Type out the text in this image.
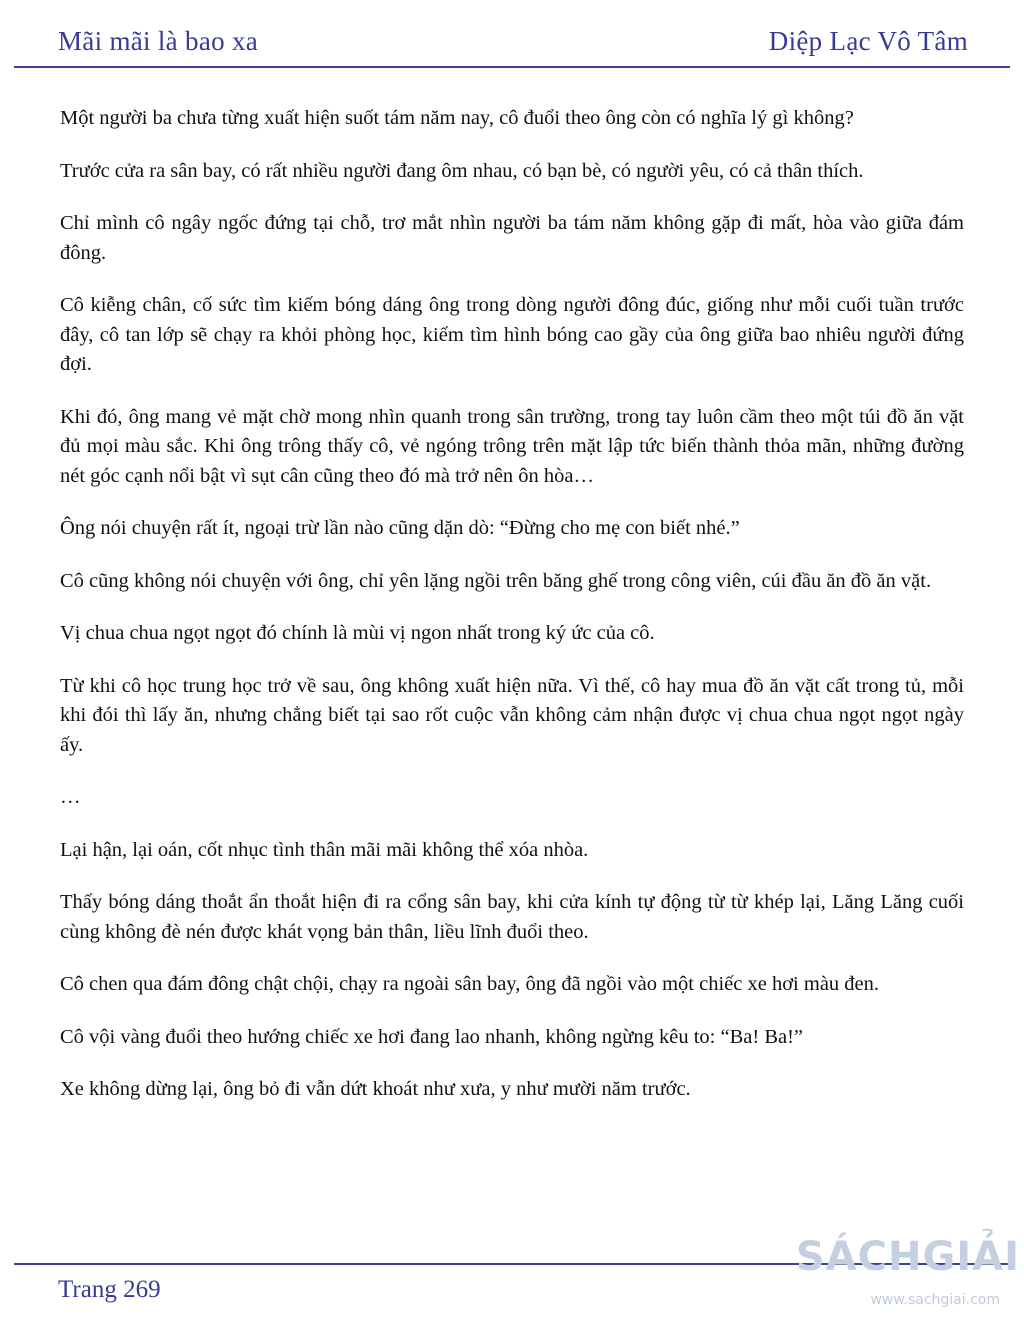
Mãi mãi là bao xa	Diệp Lạc Vô Tâm

Một người ba chưa từng xuất hiện suốt tám năm nay, cô đuổi theo ông còn có nghĩa lý gì không?

Trước cửa ra sân bay, có rất nhiều người đang ôm nhau, có bạn bè, có người yêu, có cả thân thích.

Chỉ mình cô ngây ngốc đứng tại chỗ, trơ mắt nhìn người ba tám năm không gặp đi mất, hòa vào giữa đám đông.

Cô kiễng chân, cố sức tìm kiếm bóng dáng ông trong dòng người đông đúc, giống như mỗi cuối tuần trước đây, cô tan lớp sẽ chạy ra khỏi phòng học, kiếm tìm hình bóng cao gầy của ông giữa bao nhiêu người đứng đợi.

Khi đó, ông mang vẻ mặt chờ mong nhìn quanh trong sân trường, trong tay luôn cầm theo một túi đồ ăn vặt đủ mọi màu sắc. Khi ông trông thấy cô, vẻ ngóng trông trên mặt lập tức biến thành thỏa mãn, những đường nét góc cạnh nổi bật vì sụt cân cũng theo đó mà trở nên ôn hòa…

Ông nói chuyện rất ít, ngoại trừ lần nào cũng dặn dò: “Đừng cho mẹ con biết nhé.”

Cô cũng không nói chuyện với ông, chỉ yên lặng ngồi trên băng ghế trong công viên, cúi đầu ăn đồ ăn vặt.

Vị chua chua ngọt ngọt đó chính là mùi vị ngon nhất trong ký ức của cô.

Từ khi cô học trung học trở về sau, ông không xuất hiện nữa. Vì thế, cô hay mua đồ ăn vặt cất trong tủ, mỗi khi đói thì lấy ăn, nhưng chẳng biết tại sao rốt cuộc vẫn không cảm nhận được vị chua chua ngọt ngọt ngày ấy.

…

Lại hận, lại oán, cốt nhục tình thân mãi mãi không thể xóa nhòa.

Thấy bóng dáng thoắt ẩn thoắt hiện đi ra cổng sân bay, khi cửa kính tự động từ từ khép lại, Lăng Lăng cuối cùng không đè nén được khát vọng bản thân, liều lĩnh đuổi theo.

Cô chen qua đám đông chật chội, chạy ra ngoài sân bay, ông đã ngồi vào một chiếc xe hơi màu đen.

Cô vội vàng đuổi theo hướng chiếc xe hơi đang lao nhanh, không ngừng kêu to: “Ba! Ba!”

Xe không dừng lại, ông bỏ đi vẫn dứt khoát như xưa, y như mười năm trước.

Trang 269
SÁCHGIẢI
www.sachgiai.com
